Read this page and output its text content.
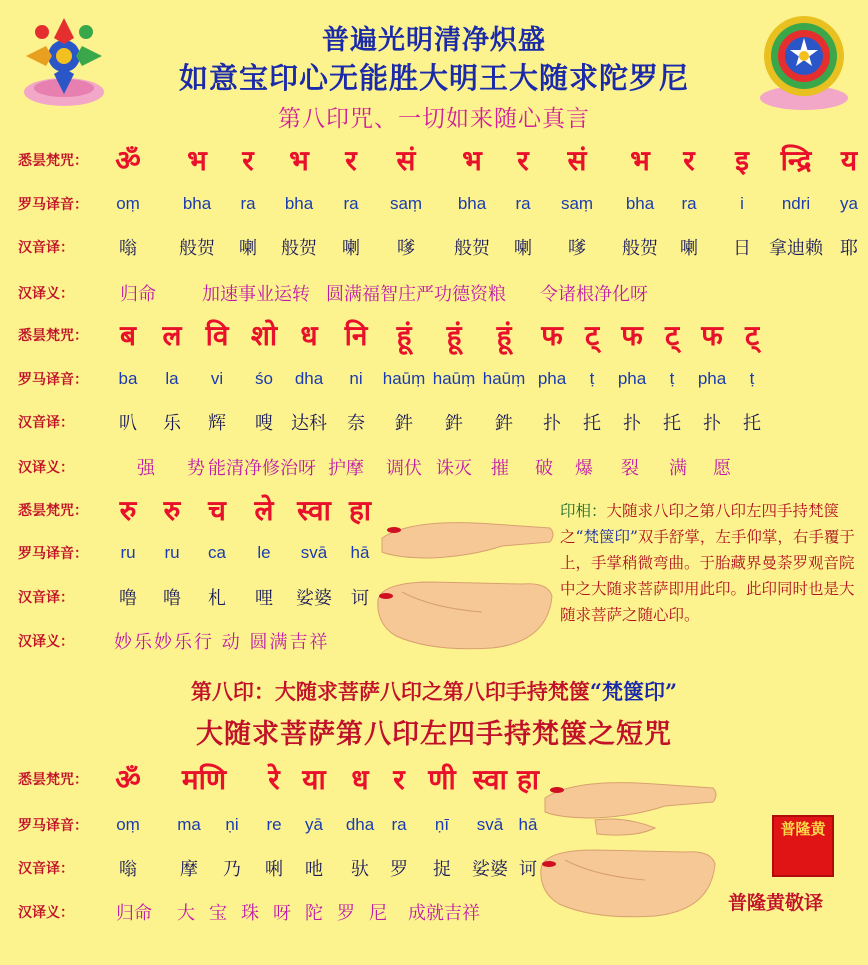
普遍光明清净炽盛
如意宝印心无能胜大明王大随求陀罗尼
第八印咒、一切如来随心真言
悉昙梵咒： ॐ भ र भ र सं भ र सं भ र इ न्द्रि य
罗马译音：	oṃ	bha ra bha ra saṃ bha ra saṃ bha ra	i ndri ya
汉音译：	嗡 般贺 喇 般贺 喇 嗲 般贺 喇 嗲 般贺 喇 日 拿迪赖 耶
汉译义：	归命	加速事业运转 圆满福智庄严功德资粮 令诸根净化呀
悉昙梵咒：	ब ल वि शो ध नि हूं हूं हूं फ ट् फ ट् फ ट्
罗马译音：	ba la vi śo dha ni haūṃ haūṃ haūṃ pha ṭ pha ṭ pha ṭ
汉音译：	叭 乐 辉 嗖 达科 奈 鈝 鈝 鈝 扑 托 扑 托 扑 托
汉译义：	强 势 能清净修治呀 护摩 调伏 诛灭 摧 破 爆 裂 满 愿
悉昙梵咒：	रु रु च ले स्वा हा
罗马译音：	ru ru ca le svā hā
汉音译：	噜 噜 札 哩 娑婆 诃
汉译义：	妙乐妙乐行 动 圆满吉祥
印相：大随求八印之第八印左四手持梵箧之“梵箧印”双手舒掌，左手仰掌，右手覆于上，手掌稍微弯曲。于胎藏界曼荼罗观音院中之大随求菩萨即用此印。此印同时也是大随求菩萨之随心印。
第八印：大随求菩萨八印之第八印手持梵箧“梵箧印”
大随求菩萨第八印左四手持梵箧之短咒
悉昙梵咒： ॐ मणि रे या ध र णी स्वा हा
罗马译音：	oṃ ma ṇi re yā dha ra ṇī svā hā
汉音译：	嗡 摩 乃 唎 吔 驮 罗 捉 娑婆 诃
汉译义：	归命 大 宝 珠 呀 陀 罗 尼 成就吉祥
普隆黄
普隆黄敬译
